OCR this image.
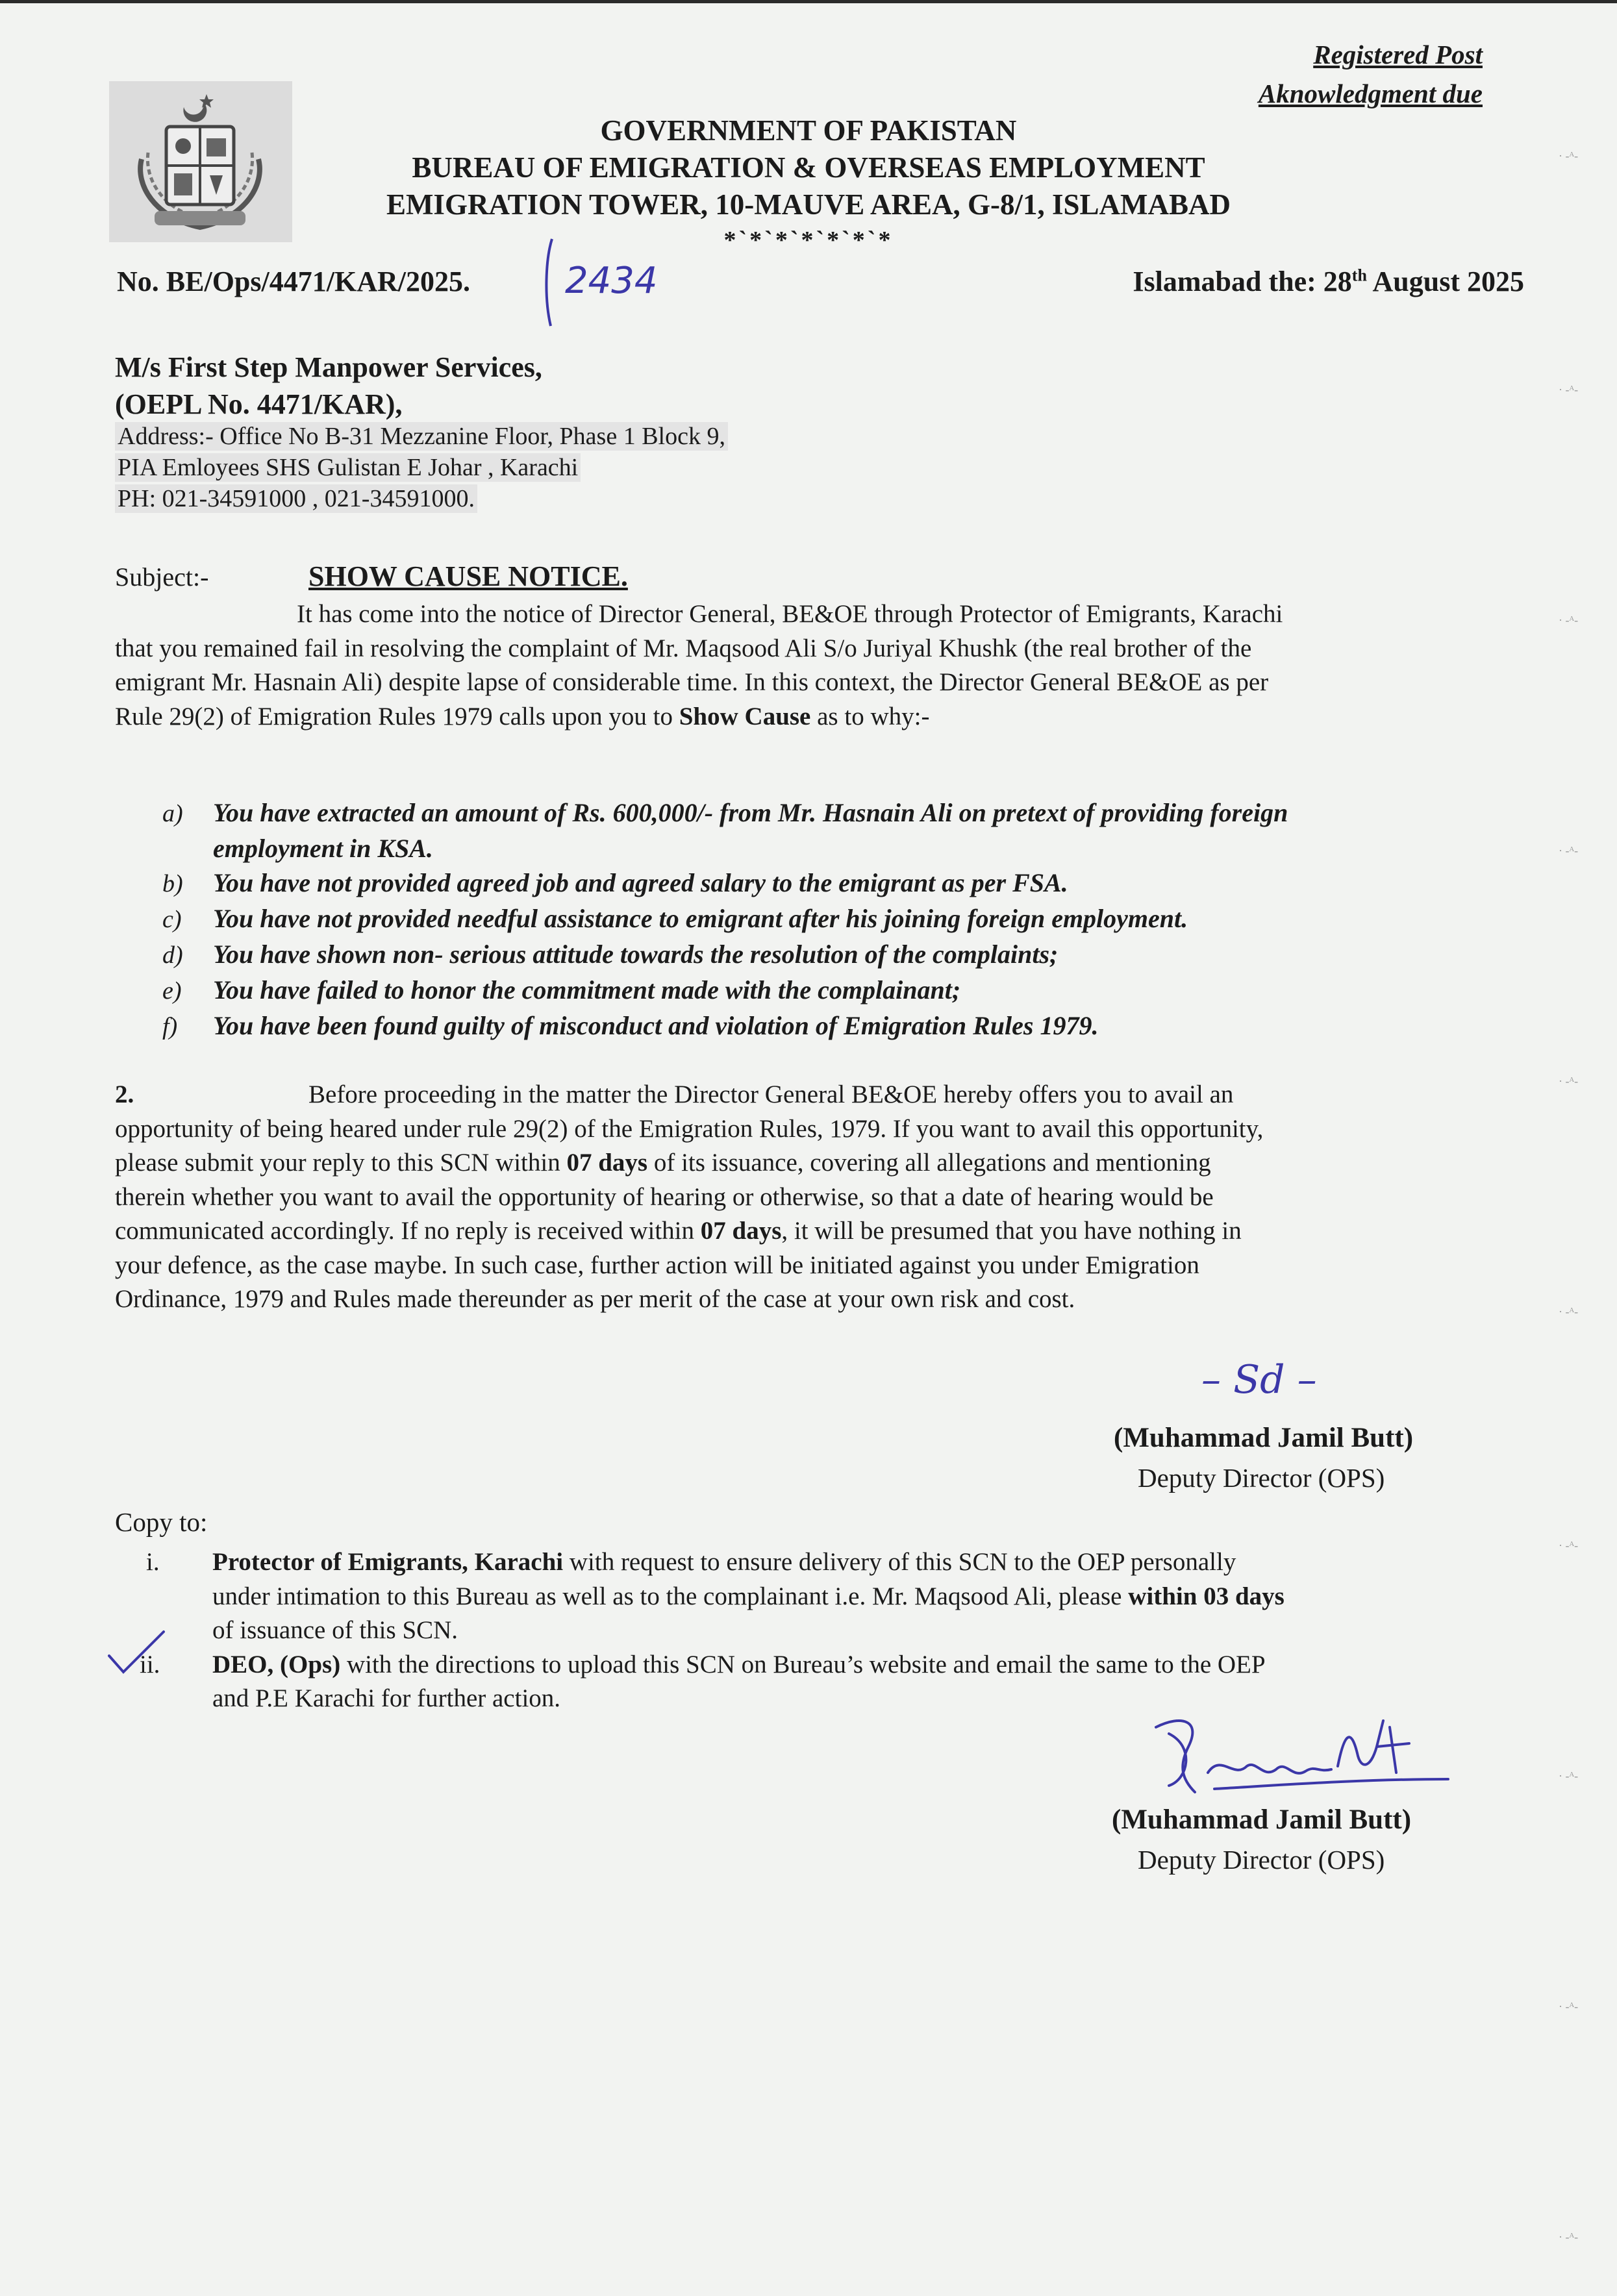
Registered Post
Aknowledgment due
GOVERNMENT OF PAKISTAN
BUREAU OF EMIGRATION & OVERSEAS EMPLOYMENT
EMIGRATION TOWER, 10-MAUVE AREA, G-8/1, ISLAMABAD
*`*`*`*`*`*`*
No. BE/Ops/4471/KAR/2025.	2434	Islamabad the: 28th August 2025
M/s First Step Manpower Services,
(OEPL No. 4471/KAR),
Address:- Office No B-31 Mezzanine Floor, Phase 1 Block 9,
PIA Emloyees SHS Gulistan E Johar , Karachi
PH: 021-34591000 , 021-34591000.
Subject:-	SHOW CAUSE NOTICE.
It has come into the notice of Director General, BE&OE through Protector of Emigrants, Karachi
that you remained fail in resolving the complaint of Mr. Maqsood Ali S/o Juriyal Khushk (the real brother of the
emigrant Mr. Hasnain Ali) despite lapse of considerable time. In this context, the Director General BE&OE as per
Rule 29(2) of Emigration Rules 1979 calls upon you to Show Cause as to why:-
a) You have extracted an amount of Rs. 600,000/- from Mr. Hasnain Ali on pretext of providing foreign
employment in KSA.
b) You have not provided agreed job and agreed salary to the emigrant as per FSA.
c) You have not provided needful assistance to emigrant after his joining foreign employment.
d) You have shown non- serious attitude towards the resolution of the complaints;
e) You have failed to honor the commitment made with the complainant;
f) You have been found guilty of misconduct and violation of Emigration Rules 1979.
2.	Before proceeding in the matter the Director General BE&OE hereby offers you to avail an
opportunity of being heared under rule 29(2) of the Emigration Rules, 1979. If you want to avail this opportunity,
please submit your reply to this SCN within 07 days of its issuance, covering all allegations and mentioning
therein whether you want to avail the opportunity of hearing or otherwise, so that a date of hearing would be
communicated accordingly. If no reply is received within 07 days, it will be presumed that you have nothing in
your defence, as the case maybe. In such case, further action will be initiated against you under Emigration
Ordinance, 1979 and Rules made thereunder as per merit of the case at your own risk and cost.
– Sd –
(Muhammad Jamil Butt)
Deputy Director (OPS)
Copy to:
i. Protector of Emigrants, Karachi with request to ensure delivery of this SCN to the OEP personally
under intimation to this Bureau as well as to the complainant i.e. Mr. Maqsood Ali, please within 03 days
of issuance of this SCN.
ii. DEO, (Ops) with the directions to upload this SCN on Bureau’s website and email the same to the OEP
and P.E Karachi for further action.
(Muhammad Jamil Butt)
Deputy Director (OPS)
· -ᴬ-
· -ᴬ-
· -ᴬ-
· -ᴬ-
· -ᴬ-
· -ᴬ-
· -ᴬ-
· -ᴬ-
· -ᴬ-
· -ᴬ-
